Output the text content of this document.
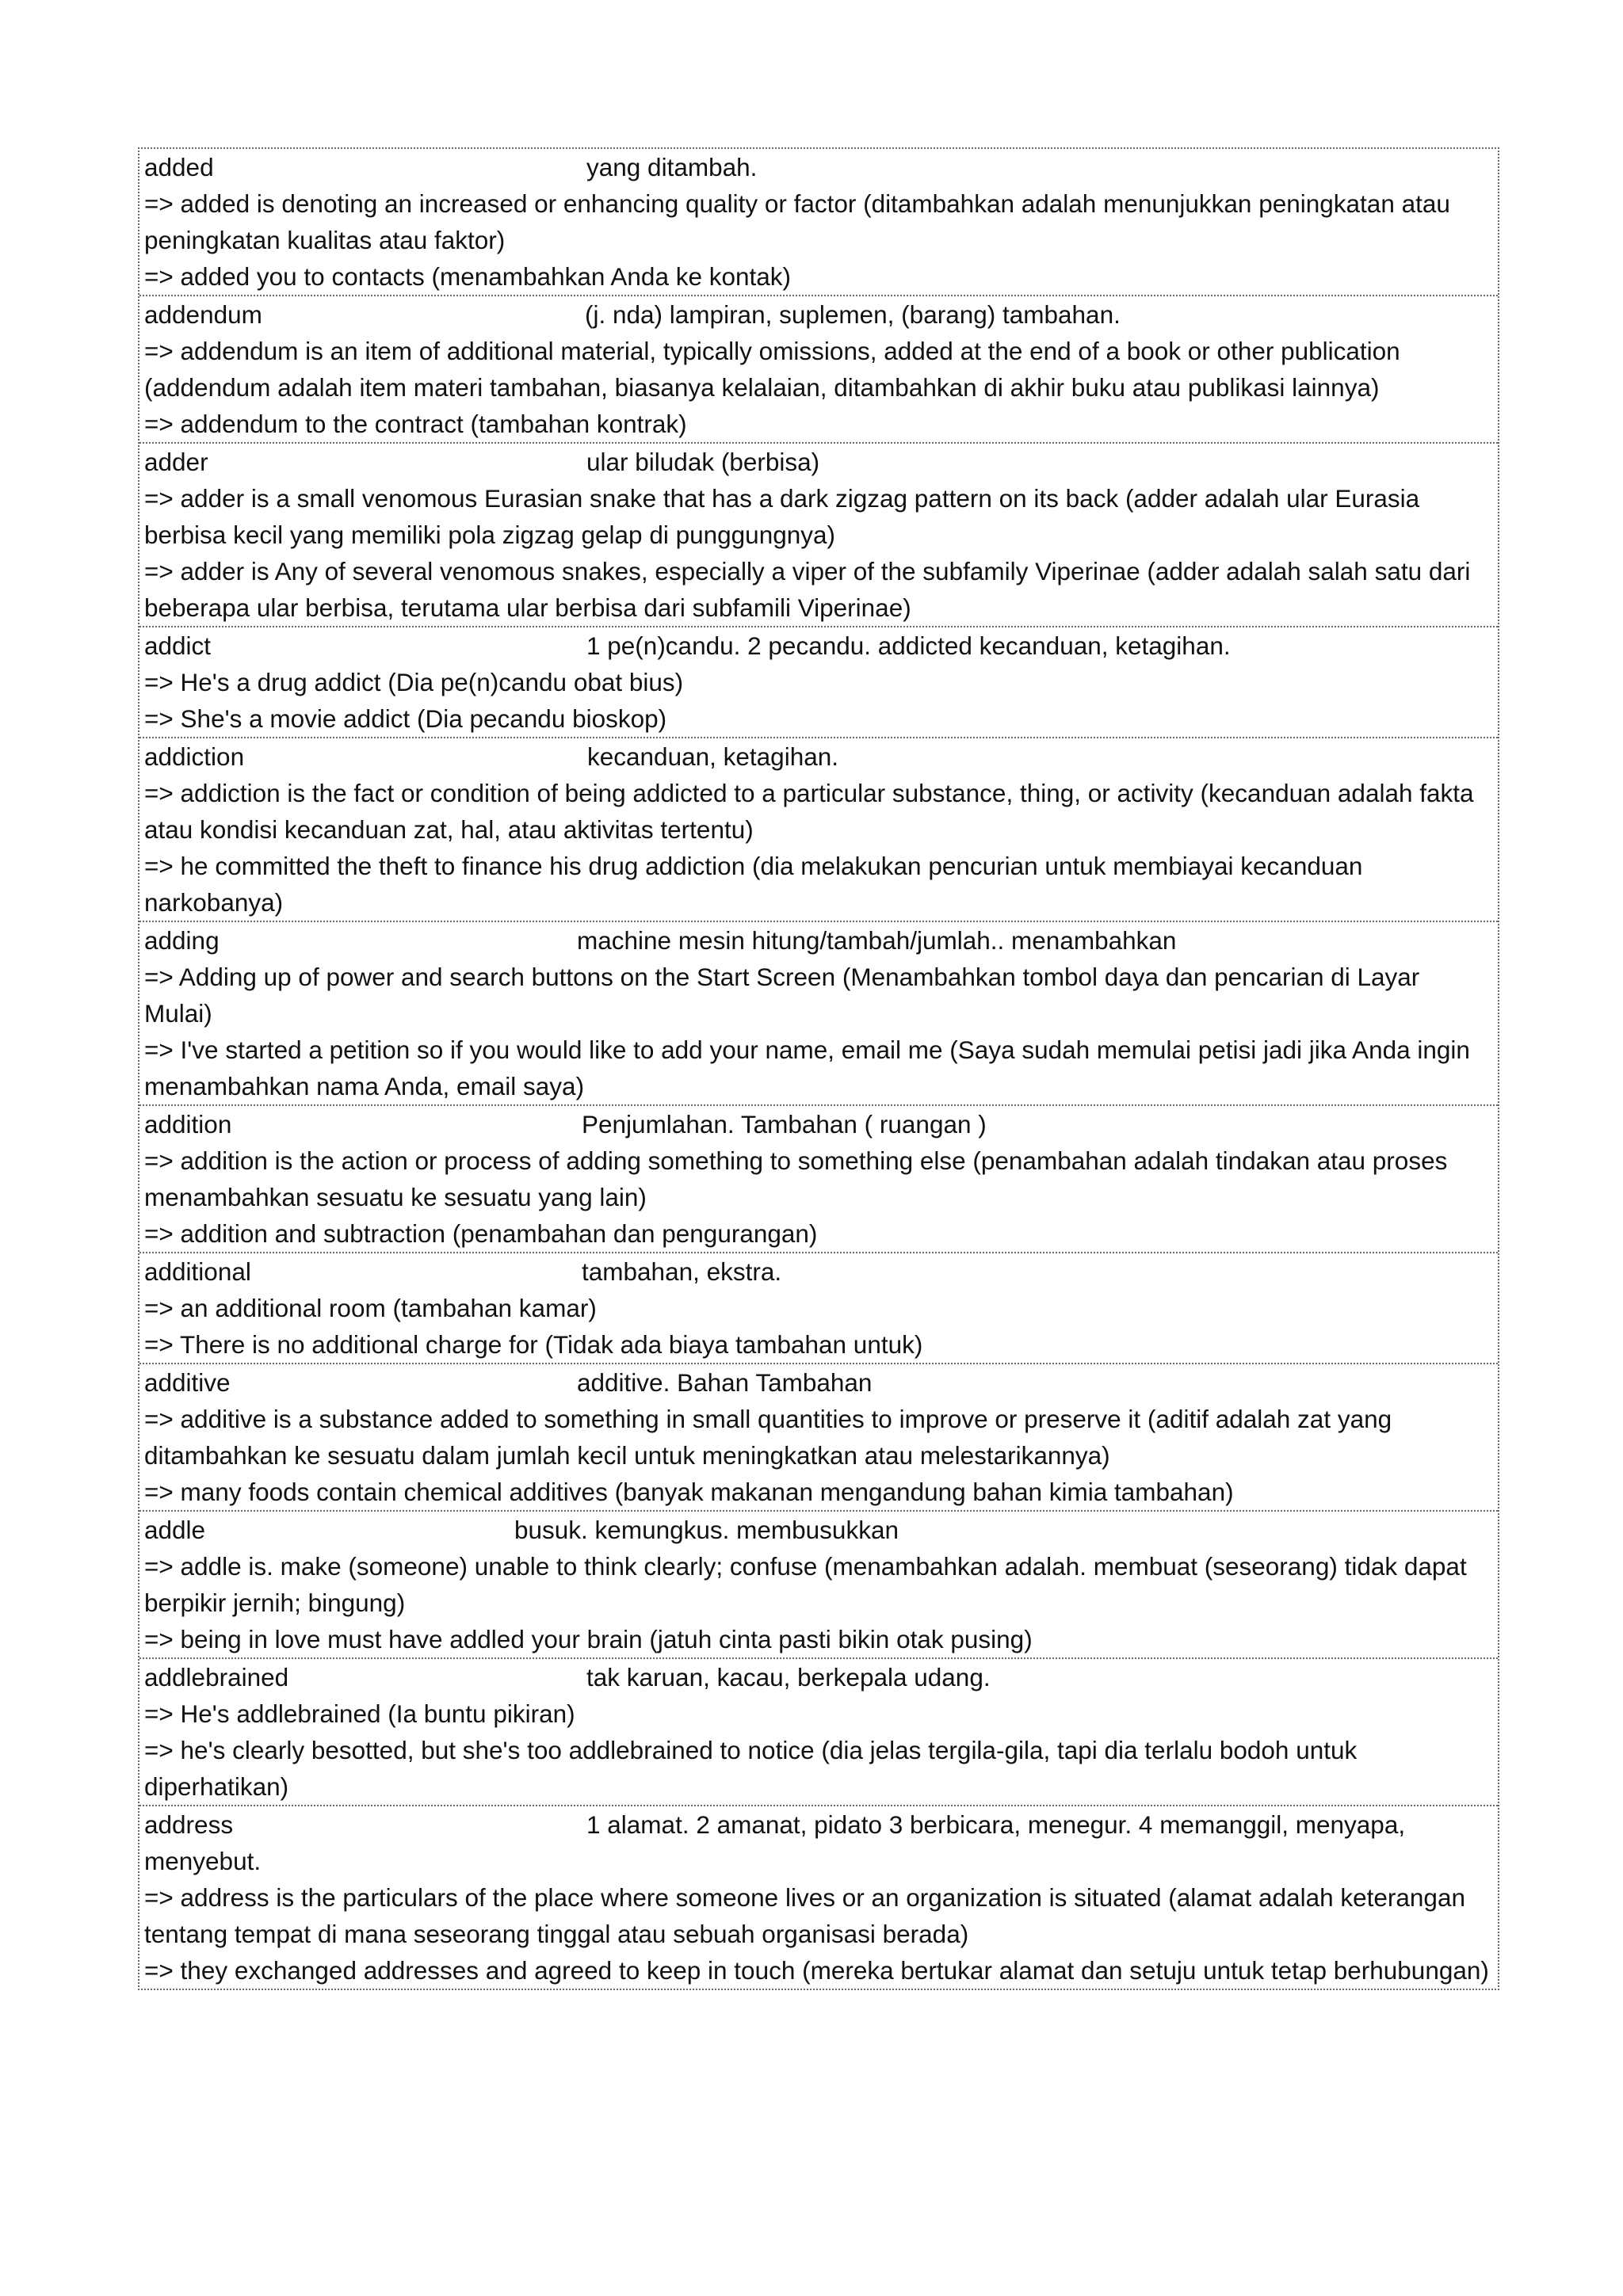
added	yang ditambah.
=> added is denoting an increased or enhancing quality or factor (ditambahkan adalah menunjukkan peningkatan atau peningkatan kualitas atau faktor)
=> added you to contacts (menambahkan Anda ke kontak)
addendum	(j. nda) lampiran, suplemen, (barang) tambahan.
=> addendum is an item of additional material, typically omissions, added at the end of a book or other publication (addendum adalah item materi tambahan, biasanya kelalaian, ditambahkan di akhir buku atau publikasi lainnya)
=> addendum to the contract (tambahan kontrak)
adder	ular biludak (berbisa)
=> adder is a small venomous Eurasian snake that has a dark zigzag pattern on its back (adder adalah ular Eurasia berbisa kecil yang memiliki pola zigzag gelap di punggungnya)
=> adder is Any of several venomous snakes, especially a viper of the subfamily Viperinae (adder adalah salah satu dari beberapa ular berbisa, terutama ular berbisa dari subfamili Viperinae)
addict	1 pe(n)candu. 2 pecandu. addicted kecanduan, ketagihan.
=> He's a drug addict (Dia pe(n)candu obat bius)
=> She's a movie addict (Dia pecandu bioskop)
addiction	kecanduan, ketagihan.
=> addiction is the fact or condition of being addicted to a particular substance, thing, or activity (kecanduan adalah fakta atau kondisi kecanduan zat, hal, atau aktivitas tertentu)
=> he committed the theft to finance his drug addiction (dia melakukan pencurian untuk membiayai kecanduan narkobanya)
adding	machine mesin hitung/tambah/jumlah.. menambahkan
=> Adding up of power and search buttons on the Start Screen (Menambahkan tombol daya dan pencarian di Layar Mulai)
=> I've started a petition so if you would like to add your name, email me (Saya sudah memulai petisi jadi jika Anda ingin menambahkan nama Anda, email saya)
addition	Penjumlahan. Tambahan ( ruangan )
=> addition is the action or process of adding something to something else (penambahan adalah tindakan atau proses menambahkan sesuatu ke sesuatu yang lain)
=> addition and subtraction (penambahan dan pengurangan)
additional	tambahan, ekstra.
=> an additional room (tambahan kamar)
=> There is no additional charge for (Tidak ada biaya tambahan untuk)
additive	additive. Bahan Tambahan
=> additive is a substance added to something in small quantities to improve or preserve it (aditif adalah zat yang ditambahkan ke sesuatu dalam jumlah kecil untuk meningkatkan atau melestarikannya)
=> many foods contain chemical additives (banyak makanan mengandung bahan kimia tambahan)
addle	busuk. kemungkus. membusukkan
=> addle is. make (someone) unable to think clearly; confuse (menambahkan adalah. membuat (seseorang) tidak dapat berpikir jernih; bingung)
=> being in love must have addled your brain (jatuh cinta pasti bikin otak pusing)
addlebrained	tak karuan, kacau, berkepala udang.
=> He's addlebrained (Ia buntu pikiran)
=> he's clearly besotted, but she's too addlebrained to notice (dia jelas tergila-gila, tapi dia terlalu bodoh untuk diperhatikan)
address	1 alamat. 2 amanat, pidato 3 berbicara, menegur. 4 memanggil, menyapa, menyebut.
=> address is the particulars of the place where someone lives or an organization is situated (alamat adalah keterangan tentang tempat di mana seseorang tinggal atau sebuah organisasi berada)
=> they exchanged addresses and agreed to keep in touch (mereka bertukar alamat dan setuju untuk tetap berhubungan)
